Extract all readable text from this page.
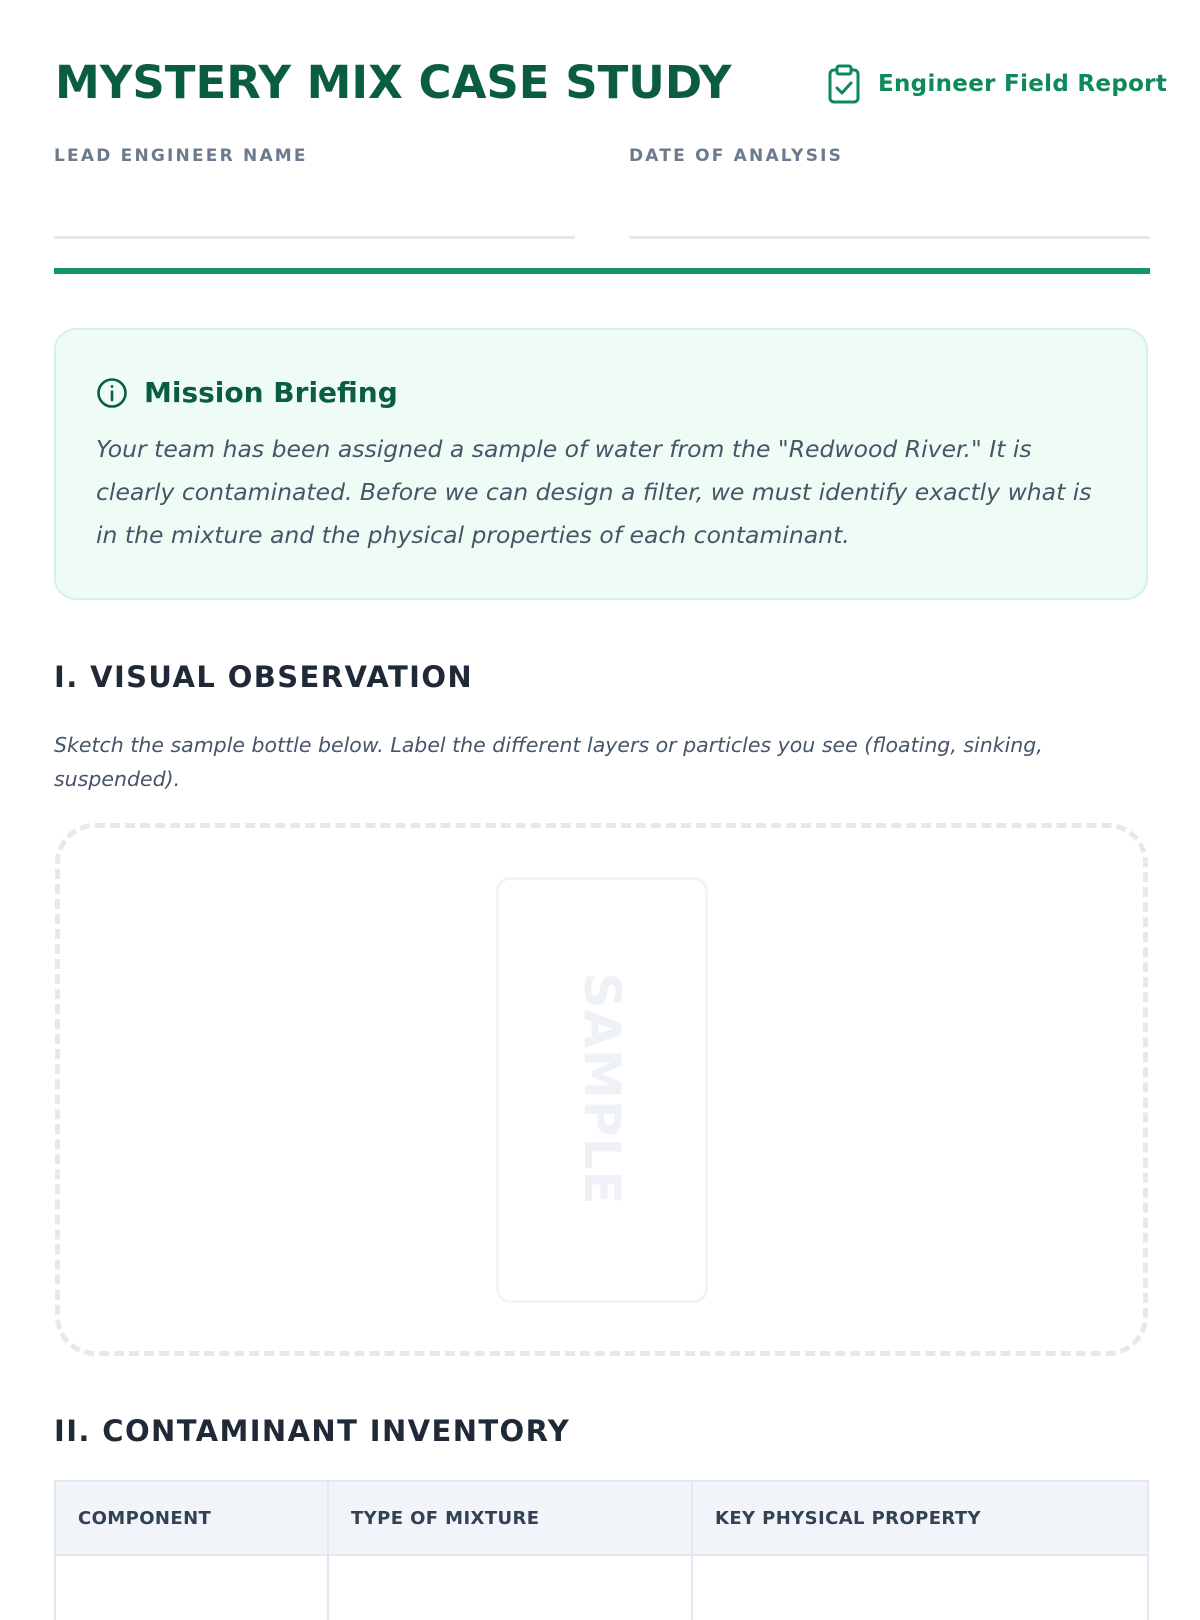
MYSTERY MIX CASE STUDY	Engineer Field Report
LEAD ENGINEER NAME	DATE OF ANALYSIS
Mission Briefing

Your team has been assigned a sample of water from the "Redwood River." It is clearly contaminated. Before we can design a filter, we must identify exactly what is in the mixture and the physical properties of each contaminant.

I. VISUAL OBSERVATION

Sketch the sample bottle below. Label the different layers or particles you see (floating, sinking, suspended).

SAMPLE
II. CONTAMINANT INVENTORY
COMPONENT	TYPE OF MIXTURE	KEY PHYSICAL PROPERTY
